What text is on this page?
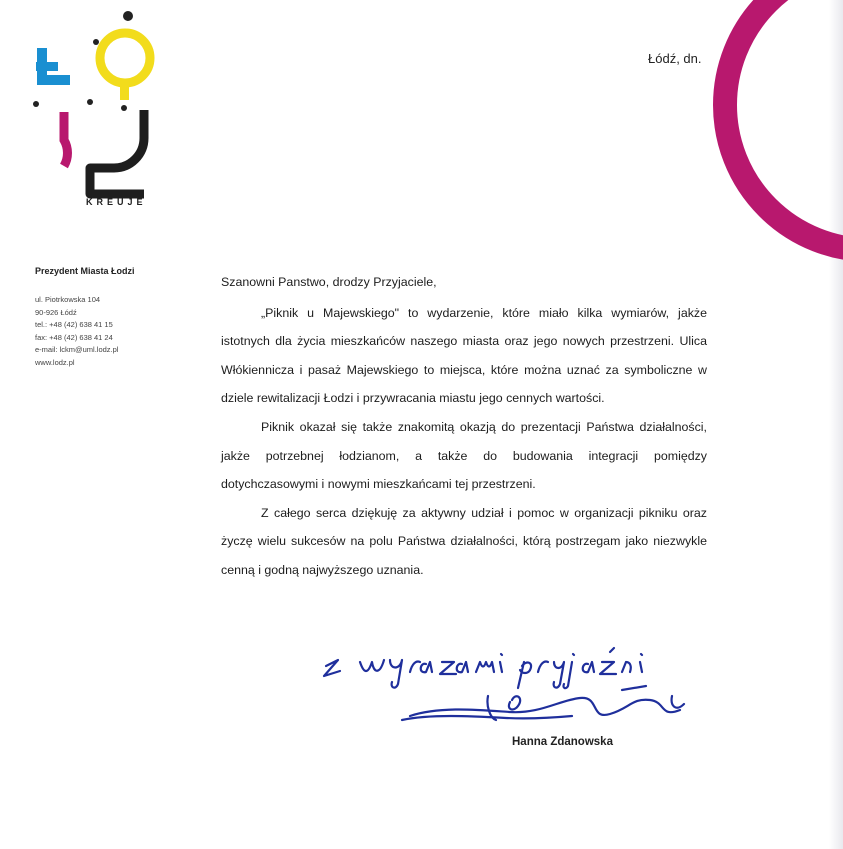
KREUJE
Łódź, dn.
Prezydent Miasta Łodzi
ul. Piotrkowska 104
90-926 Łódź
tel.: +48 (42) 638 41 15
fax: +48 (42) 638 41 24
e-mail: lckm@uml.lodz.pl
www.lodz.pl

Szanowni Panstwo, drodzy Przyjaciele,

„Piknik u Majewskiego" to wydarzenie, które miało kilka wymiarów, jakże istotnych dla życia mieszkańców naszego miasta oraz jego nowych przestrzeni. Ulica Włókiennicza i pasaż Majewskiego to miejsca, które można uznać za symboliczne w dziele rewitalizacji Łodzi i przywracania miastu jego cennych wartości.

Piknik okazał się także znakomitą okazją do prezentacji Państwa działalności, jakże potrzebnej łodzianom, a także do budowania integracji pomiędzy dotychczasowymi i nowymi mieszkańcami tej przestrzeni.

Z całego serca dziękuję za aktywny udział i pomoc w organizacji pikniku oraz życzę wielu sukcesów na polu Państwa działalności, którą postrzegam jako niezwykle cenną i godną najwyższego uznania.

Hanna Zdanowska
